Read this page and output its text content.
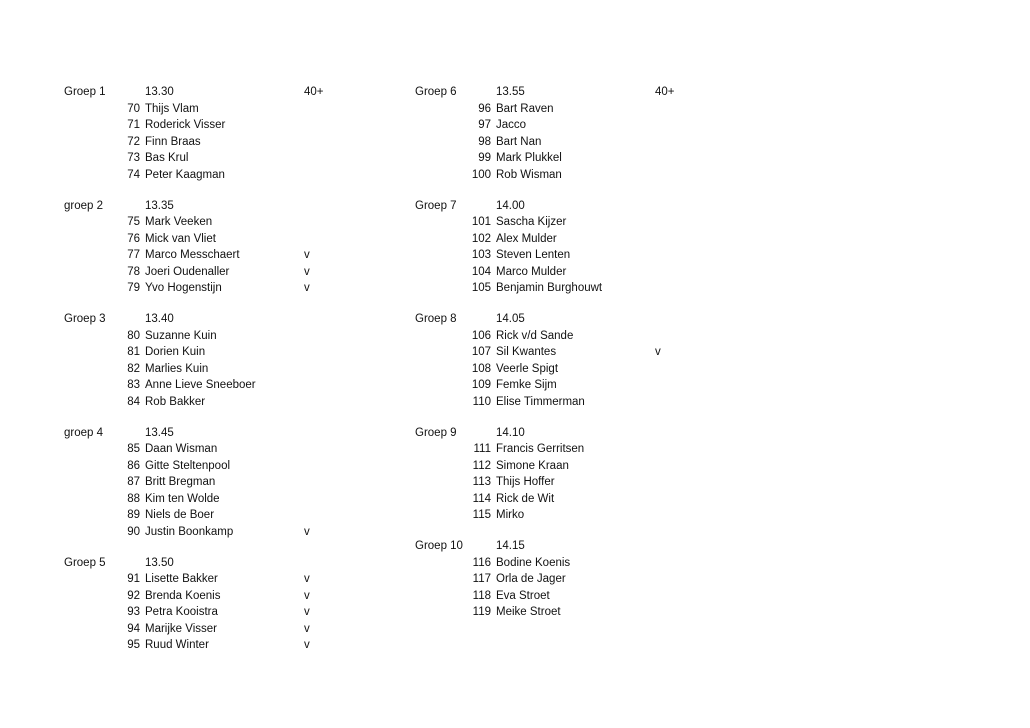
Groep 1	13.30	40+
70 Thijs Vlam
71 Roderick Visser
72 Finn Braas
73 Bas Krul
74 Peter Kaagman
groep 2	13.35
75 Mark Veeken
76 Mick van Vliet
77 Marco Messchaert	v
78 Joeri Oudenaller	v
79 Yvo Hogenstijn	v
Groep 3	13.40
80 Suzanne Kuin
81 Dorien Kuin
82 Marlies Kuin
83 Anne Lieve Sneeboer
84 Rob Bakker
groep 4	13.45
85 Daan Wisman
86 Gitte Steltenpool
87 Britt Bregman
88 Kim ten Wolde
89 Niels de Boer
90 Justin Boonkamp	v
Groep 5	13.50
91 Lisette Bakker	v
92 Brenda Koenis	v
93 Petra Kooistra	v
94 Marijke Visser	v
95 Ruud Winter	v
Groep 6	13.55	40+
96 Bart Raven
97 Jacco
98 Bart Nan
99 Mark Plukkel
100 Rob Wisman
Groep 7	14.00
101 Sascha Kijzer
102 Alex Mulder
103 Steven Lenten
104 Marco Mulder
105 Benjamin Burghouwt
Groep 8	14.05
106 Rick v/d Sande
107 Sil Kwantes	v
108 Veerle Spigt
109 Femke Sijm
110 Elise Timmerman
Groep 9	14.10
111 Francis Gerritsen
112 Simone Kraan
113 Thijs Hoffer
114 Rick de Wit
115 Mirko
Groep 10	14.15
116 Bodine Koenis
117 Orla de Jager
118 Eva Stroet
119 Meike Stroet
